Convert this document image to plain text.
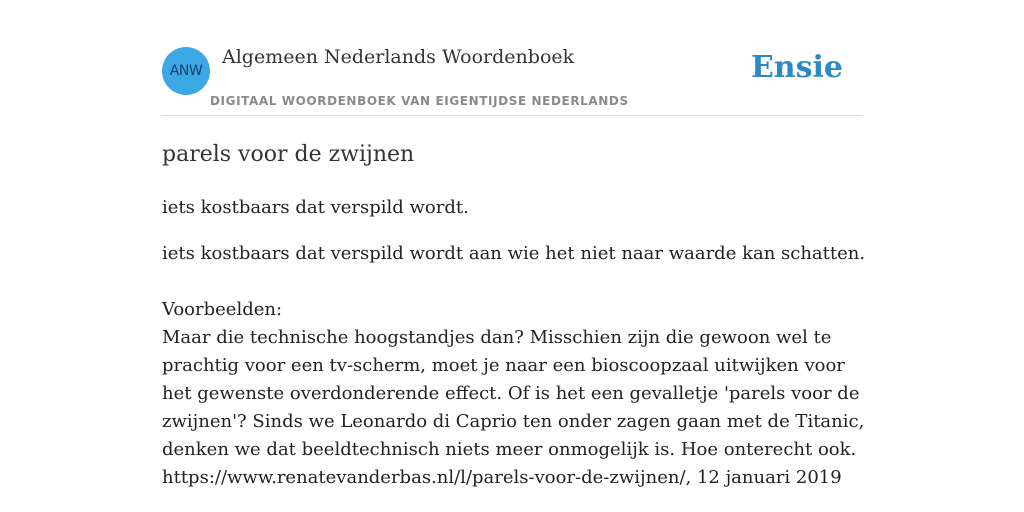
ANW
Algemeen Nederlands Woordenboek
DIGITAAL WOORDENBOEK VAN EIGENTIJDSE NEDERLANDS
Ensie
parels voor de zwijnen

iets kostbaars dat verspild wordt.

iets kostbaars dat verspild wordt aan wie het niet naar waarde kan schatten.

Voorbeelden:
Maar die technische hoogstandjes dan? Misschien zijn die gewoon wel te prachtig voor een tv-scherm, moet je naar een bioscoopzaal uitwijken voor het gewenste overdonderende effect. Of is het een gevalletje 'parels voor de zwijnen'? Sinds we Leonardo di Caprio ten onder zagen gaan met de Titanic, denken we dat beeldtechnisch niets meer onmogelijk is. Hoe onterecht ook.
https://www.renatevanderbas.nl/l/parels-voor-de-zwijnen/, 12 januari 2019
